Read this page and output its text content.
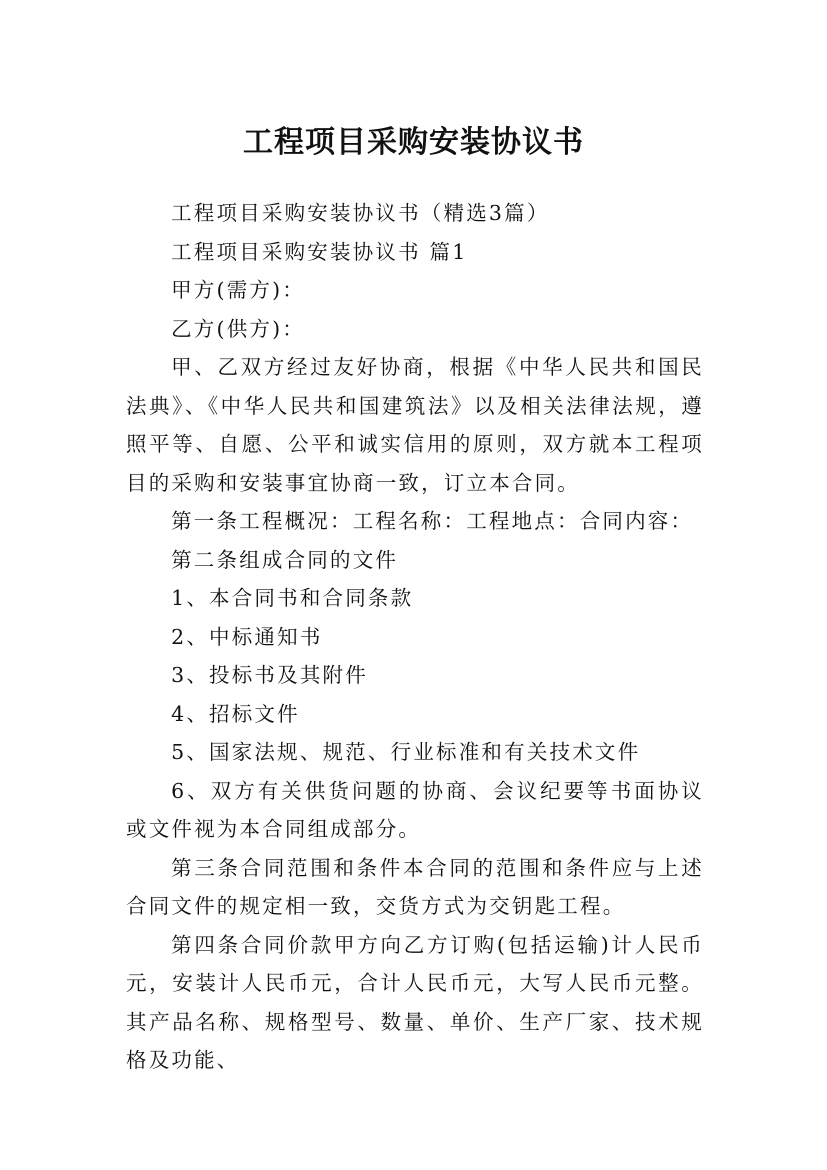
工程项目采购安装协议书

工程项目采购安装协议书（精选3篇）

工程项目采购安装协议书 篇1

甲方(需方)：

乙方(供方)：

甲、乙双方经过友好协商，根据《中华人民共和国民法典》、《中华人民共和国建筑法》以及相关法律法规，遵照平等、自愿、公平和诚实信用的原则，双方就本工程项目的采购和安装事宜协商一致，订立本合同。

第一条工程概况：工程名称：工程地点：合同内容：

第二条组成合同的文件

1、本合同书和合同条款

2、中标通知书

3、投标书及其附件

4、招标文件

5、国家法规、规范、行业标准和有关技术文件

6、双方有关供货问题的协商、会议纪要等书面协议或文件视为本合同组成部分。

第三条合同范围和条件本合同的范围和条件应与上述合同文件的规定相一致，交货方式为交钥匙工程。

第四条合同价款甲方向乙方订购(包括运输)计人民币元，安装计人民币元，合计人民币元，大写人民币元整。其产品名称、规格型号、数量、单价、生产厂家、技术规格及功能、
